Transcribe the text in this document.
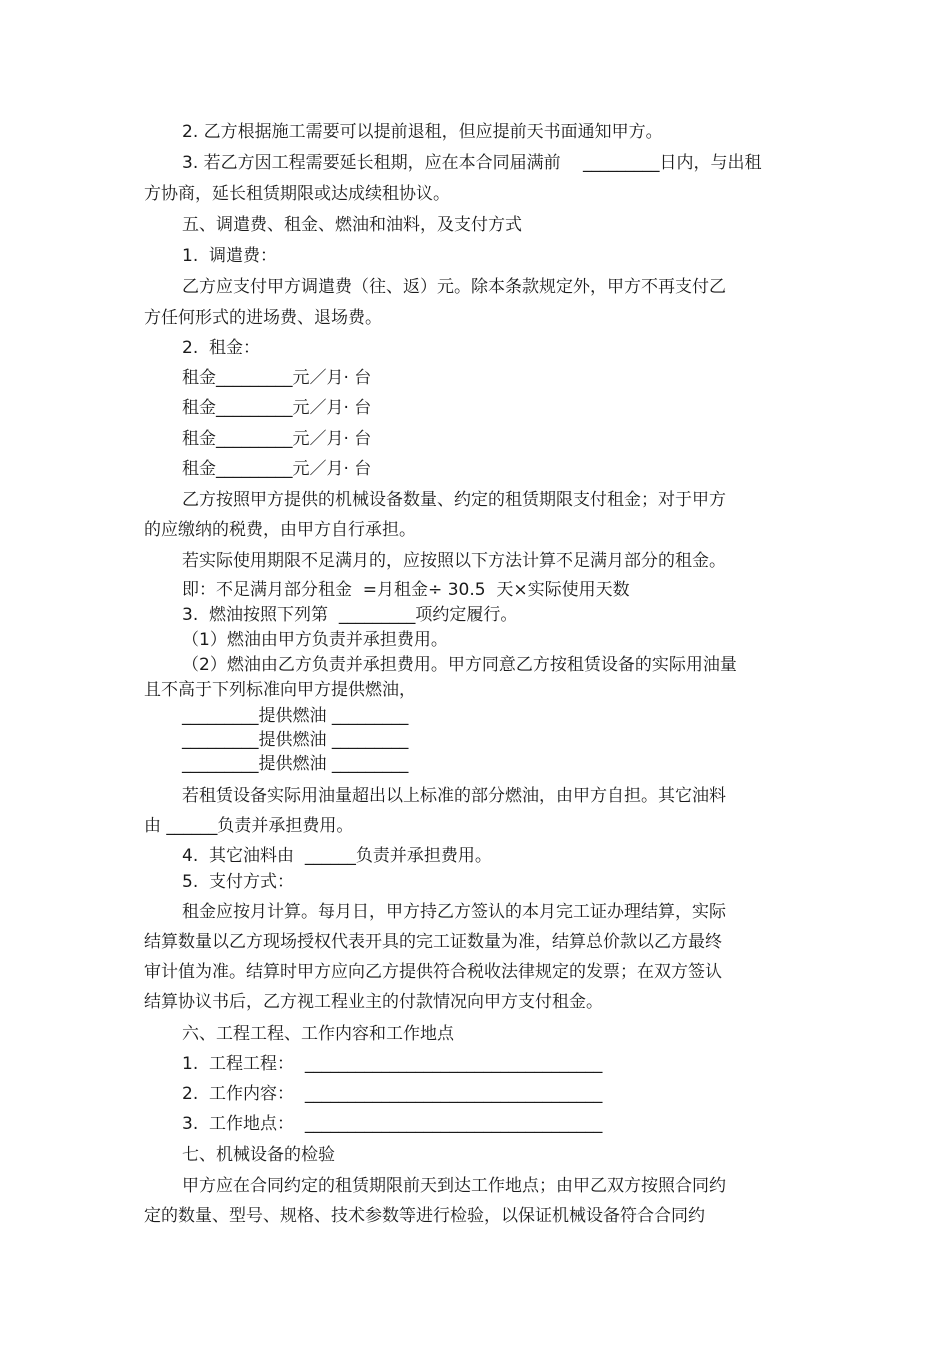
2. 乙方根据施工需要可以提前退租，但应提前天书面通知甲方。

3. 若乙方因工程需要延长租期，应在本合同届满前　 _________日内，与出租

方协商，延长租赁期限或达成续租协议。

五、调遣费、租金、燃油和油料，及支付方式

1.  调遣费：

乙方应支付甲方调遣费（往、返）元。除本条款规定外，甲方不再支付乙

方任何形式的进场费、退场费。

2.  租金：

租金_________元／月· 台

租金_________元／月· 台

租金_________元／月· 台

租金_________元／月· 台

乙方按照甲方提供的机械设备数量、约定的租赁期限支付租金；对于甲方

的应缴纳的税费，由甲方自行承担。

若实际使用期限不足满月的，应按照以下方法计算不足满月部分的租金。

即：不足满月部分租金  =月租金÷ 30.5  天×实际使用天数

3.  燃油按照下列第  _________项约定履行。

（1）燃油由甲方负责并承担费用。

（2）燃油由乙方负责并承担费用。甲方同意乙方按租赁设备的实际用油量

且不高于下列标准向甲方提供燃油，

_________提供燃油 _________

_________提供燃油 _________

_________提供燃油 _________

若租赁设备实际用油量超出以上标准的部分燃油，由甲方自担。其它油料

由 ______负责并承担费用。

4.  其它油料由  ______负责并承担费用。

5.  支付方式：

租金应按月计算。每月日，甲方持乙方签认的本月完工证办理结算，实际

结算数量以乙方现场授权代表开具的完工证数量为准，结算总价款以乙方最终

审计值为准。结算时甲方应向乙方提供符合税收法律规定的发票；在双方签认

结算协议书后，乙方视工程业主的付款情况向甲方支付租金。

六、工程工程、工作内容和工作地点

1.  工程工程：  ___________________________________

2.  工作内容：  ___________________________________

3.  工作地点：  ___________________________________

七、机械设备的检验

甲方应在合同约定的租赁期限前天到达工作地点；由甲乙双方按照合同约

定的数量、型号、规格、技术参数等进行检验，以保证机械设备符合合同约
